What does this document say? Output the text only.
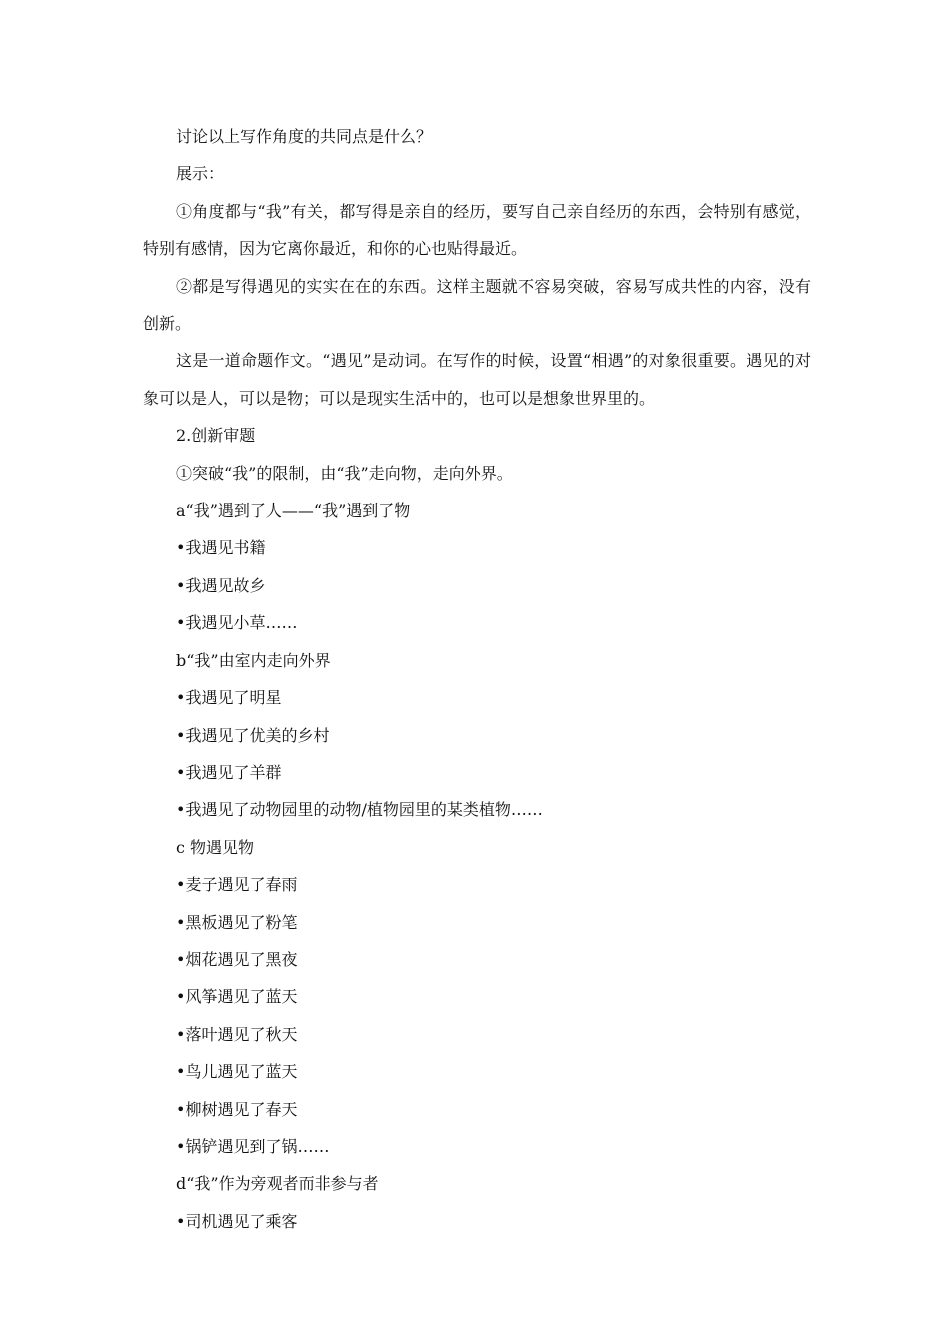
讨论以上写作角度的共同点是什么？

展示：

①角度都与“我”有关，都写得是亲自的经历，要写自己亲自经历的东西，会特别有感觉，特别有感情，因为它离你最近，和你的心也贴得最近。

②都是写得遇见的实实在在的东西。这样主题就不容易突破，容易写成共性的内容，没有创新。

这是一道命题作文。“遇见”是动词。在写作的时候，设置“相遇”的对象很重要。遇见的对象可以是人，可以是物；可以是现实生活中的，也可以是想象世界里的。

2.创新审题

①突破“我”的限制，由“我”走向物，走向外界。

a“我”遇到了人——“我”遇到了物

•我遇见书籍

•我遇见故乡

•我遇见小草……

b“我”由室内走向外界

•我遇见了明星

•我遇见了优美的乡村

•我遇见了羊群

•我遇见了动物园里的动物/植物园里的某类植物……

c 物遇见物

•麦子遇见了春雨

•黑板遇见了粉笔

•烟花遇见了黑夜

•风筝遇见了蓝天

•落叶遇见了秋天

•鸟儿遇见了蓝天

•柳树遇见了春天

•锅铲遇见到了锅……

d“我”作为旁观者而非参与者

•司机遇见了乘客
